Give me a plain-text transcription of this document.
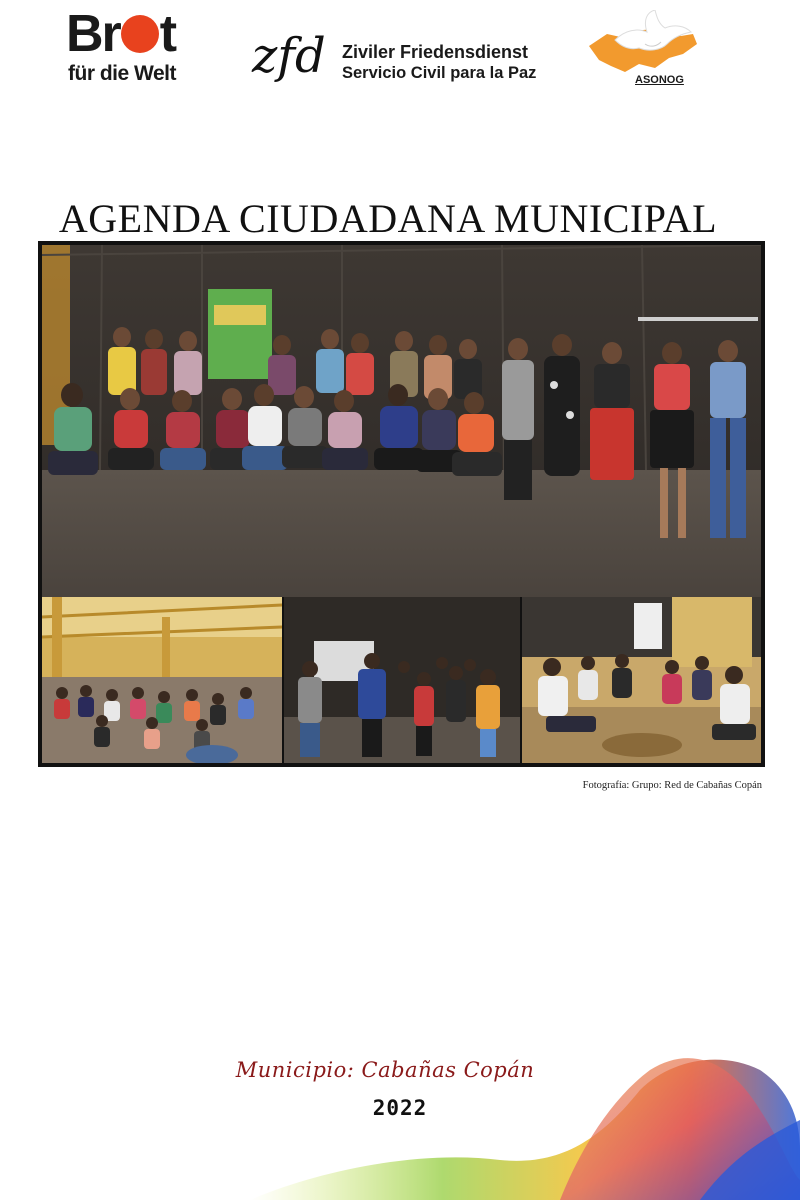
Br t
für die Welt zfd Ziviler Friedensdienst
Servicio Civil para la Paz	ASONOG
AGENDA CIUDADANA MUNICIPAL
Fotografía: Grupo: Red de Cabañas Copán
Municipio: Cabañas Copán
2022
